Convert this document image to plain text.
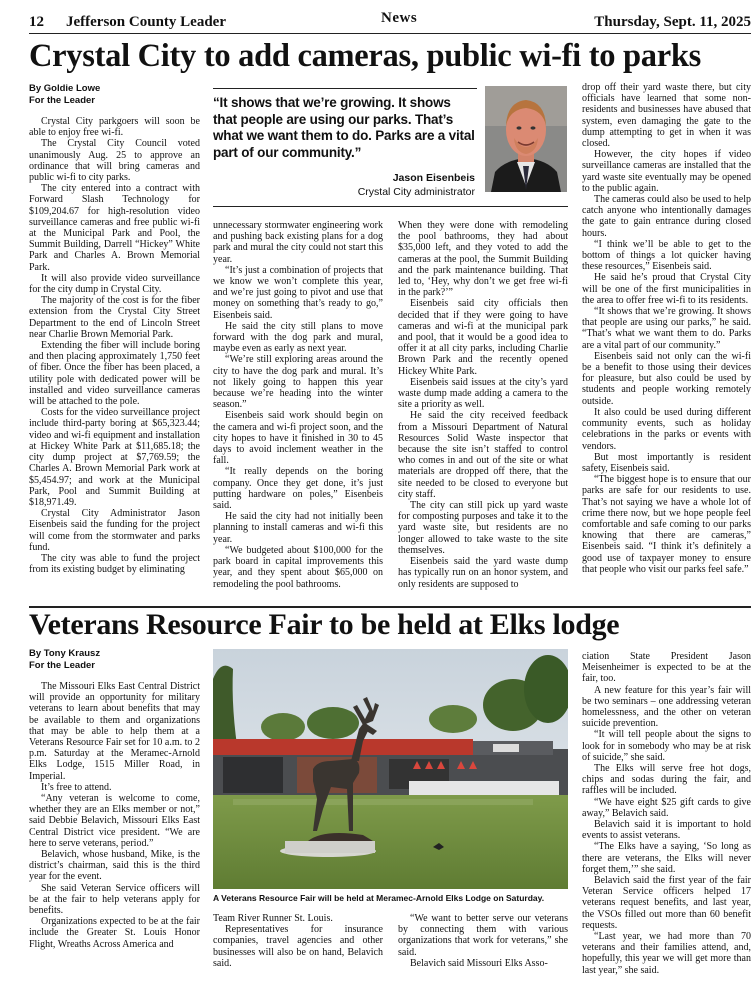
12 Jefferson County Leader	News	Thursday, Sept. 11, 2025
Crystal City to add cameras, public wi-fi to parks
By Goldie Lowe
For the Leader

Crystal City parkgoers will soon be able to enjoy free wi-fi.

The Crystal City Council voted unanimously Aug. 25 to approve an ordinance that will bring cameras and public wi-fi to city parks.

The city entered into a contract with Forward Slash Technology for $109,204.67 for high-resolution video surveillance cameras and free public wi-fi at the Municipal Park and Pool, the Summit Building, Darrell “Hickey” White Park and Charles A. Brown Memorial Park.

It will also provide video surveillance for the city dump in Crystal City.

The majority of the cost is for the fiber extension from the Crystal City Street Department to the end of Lincoln Street near Charlie Brown Memorial Park.

Extending the fiber will include boring and then placing approximately 1,750 feet of fiber. Once the fiber has been placed, a utility pole with dedicated power will be installed and video surveillance cameras will be attached to the pole.

Costs for the video surveillance project include third-party boring at $65,323.44; video and wi-fi equipment and installation at Hickey White Park at $11,685.18; the city dump project at $7,769.59; the Charles A. Brown Memorial Park work at $5,454.97; and work at the Municipal Park, Pool and Summit Building at $18,971.49.

Crystal City Administrator Jason Eisenbeis said the funding for the project will come from the stormwater and parks fund.

The city was able to fund the project from its existing budget by eliminating

“It shows that we’re growing. It shows that people are using our parks. That’s what we want them to do. Parks are a vital part of our community.”
Jason Eisenbeis
Crystal City administrator

unnecessary stormwater engineering work and pushing back existing plans for a dog park and mural the city could not start this year.

“It’s just a combination of projects that we know we won’t complete this year, and we’re just going to pivot and use that money on something that’s ready to go,” Eisenbeis said.

He said the city still plans to move forward with the dog park and mural, maybe even as early as next year.

“We’re still exploring areas around the city to have the dog park and mural. It’s not likely going to happen this year because we’re heading into the winter season.”

Eisenbeis said work should begin on the camera and wi-fi project soon, and the city hopes to have it finished in 30 to 45 days to avoid inclement weather in the fall.

“It really depends on the boring company. Once they get done, it’s just putting hardware on poles,” Eisenbeis said.

He said the city had not initially been planning to install cameras and wi-fi this year.

“We budgeted about $100,000 for the park board in capital improvements this year, and they spent about $65,000 on remodeling the pool bathrooms.

When they were done with remodeling the pool bathrooms, they had about $35,000 left, and they voted to add the cameras at the pool, the Summit Building and the park maintenance building. That led to, ‘Hey, why don’t we get free wi-fi in the park?’”

Eisenbeis said city officials then decided that if they were going to have cameras and wi-fi at the municipal park and pool, that it would be a good idea to offer it at all city parks, including Charlie Brown Park and the recently opened Hickey White Park.

Eisenbeis said issues at the city’s yard waste dump made adding a camera to the site a priority as well.

He said the city received feedback from a Missouri Department of Natural Resources Solid Waste inspector that because the site isn’t staffed to control who comes in and out of the site or what materials are dropped off there, that the site needed to be closed to everyone but city staff.

The city can still pick up yard waste for composting purposes and take it to the yard waste site, but residents are no longer allowed to take waste to the site themselves.

Eisenbeis said the yard waste dump has typically run on an honor system, and only residents are supposed to

drop off their yard waste there, but city officials have learned that some non-residents and businesses have abused that system, even damaging the gate to the dump attempting to get in when it was closed.

However, the city hopes if video surveillance cameras are installed that the yard waste site eventually may be opened to the public again.

The cameras could also be used to help catch anyone who intentionally damages the gate to gain entrance during closed hours.

“I think we’ll be able to get to the bottom of things a lot quicker having these resources,” Eisenbeis said.

He said he’s proud that Crystal City will be one of the first municipalities in the area to offer free wi-fi to its residents.

“It shows that we’re growing. It shows that people are using our parks,” he said. “That’s what we want them to do. Parks are a vital part of our community.”

Eisenbeis said not only can the wi-fi be a benefit to those using their devices for pleasure, but also could be used by students and people working remotely outside.

It also could be used during different community events, such as holiday celebrations in the parks or events with vendors.

But most importantly is resident safety, Eisenbeis said.

“The biggest hope is to ensure that our parks are safe for our residents to use. That’s not saying we have a whole lot of crime there now, but we hope people feel comfortable and safe coming to our parks knowing that there are cameras,” Eisenbeis said. “I think it’s definitely a good use of taxpayer money to ensure that people who visit our parks feel safe.”

Veterans Resource Fair to be held at Elks lodge
By Tony Krausz
For the Leader

The Missouri Elks East Central District will provide an opportunity for military veterans to learn about benefits that may be available to them and organizations that may be able to help them at a Veterans Resource Fair set for 10 a.m. to 2 p.m. Saturday at the Meramec-Arnold Elks Lodge, 1515 Miller Road, in Imperial.

It’s free to attend.

“Any veteran is welcome to come, whether they are an Elks member or not,” said Debbie Belavich, Missouri Elks East Central District vice president. “We are here to serve veterans, period.”

Belavich, whose husband, Mike, is the district’s chairman, said this is the third year for the event.

She said Veteran Service officers will be at the fair to help veterans apply for benefits.

Organizations expected to be at the fair include the Greater St. Louis Honor Flight, Wreaths Across America and

A Veterans Resource Fair will be held at Meramec-Arnold Elks Lodge on Saturday.

Team River Runner St. Louis.

Representatives for insurance companies, travel agencies and other businesses will also be on hand, Belavich said.

“We want to better serve our veterans by connecting them with various organizations that work for veterans,” she said.

Belavich said Missouri Elks Asso-

ciation State President Jason Meisenheimer is expected to be at the fair, too.

A new feature for this year’s fair will be two seminars – one addressing veteran homelessness, and the other on veteran suicide prevention.

“It will tell people about the signs to look for in somebody who may be at risk of suicide,” she said.

The Elks will serve free hot dogs, chips and sodas during the fair, and raffles will be included.

“We have eight $25 gift cards to give away,” Belavich said.

Belavich said it is important to hold events to assist veterans.

“The Elks have a saying, ‘So long as there are veterans, the Elks will never forget them,’” she said.

Belavich said the first year of the fair Veteran Service officers helped 17 veterans request benefits, and last year, the VSOs filled out more than 60 benefit requests.

“Last year, we had more than 70 veterans and their families attend, and, hopefully, this year we will get more than last year,” she said.
